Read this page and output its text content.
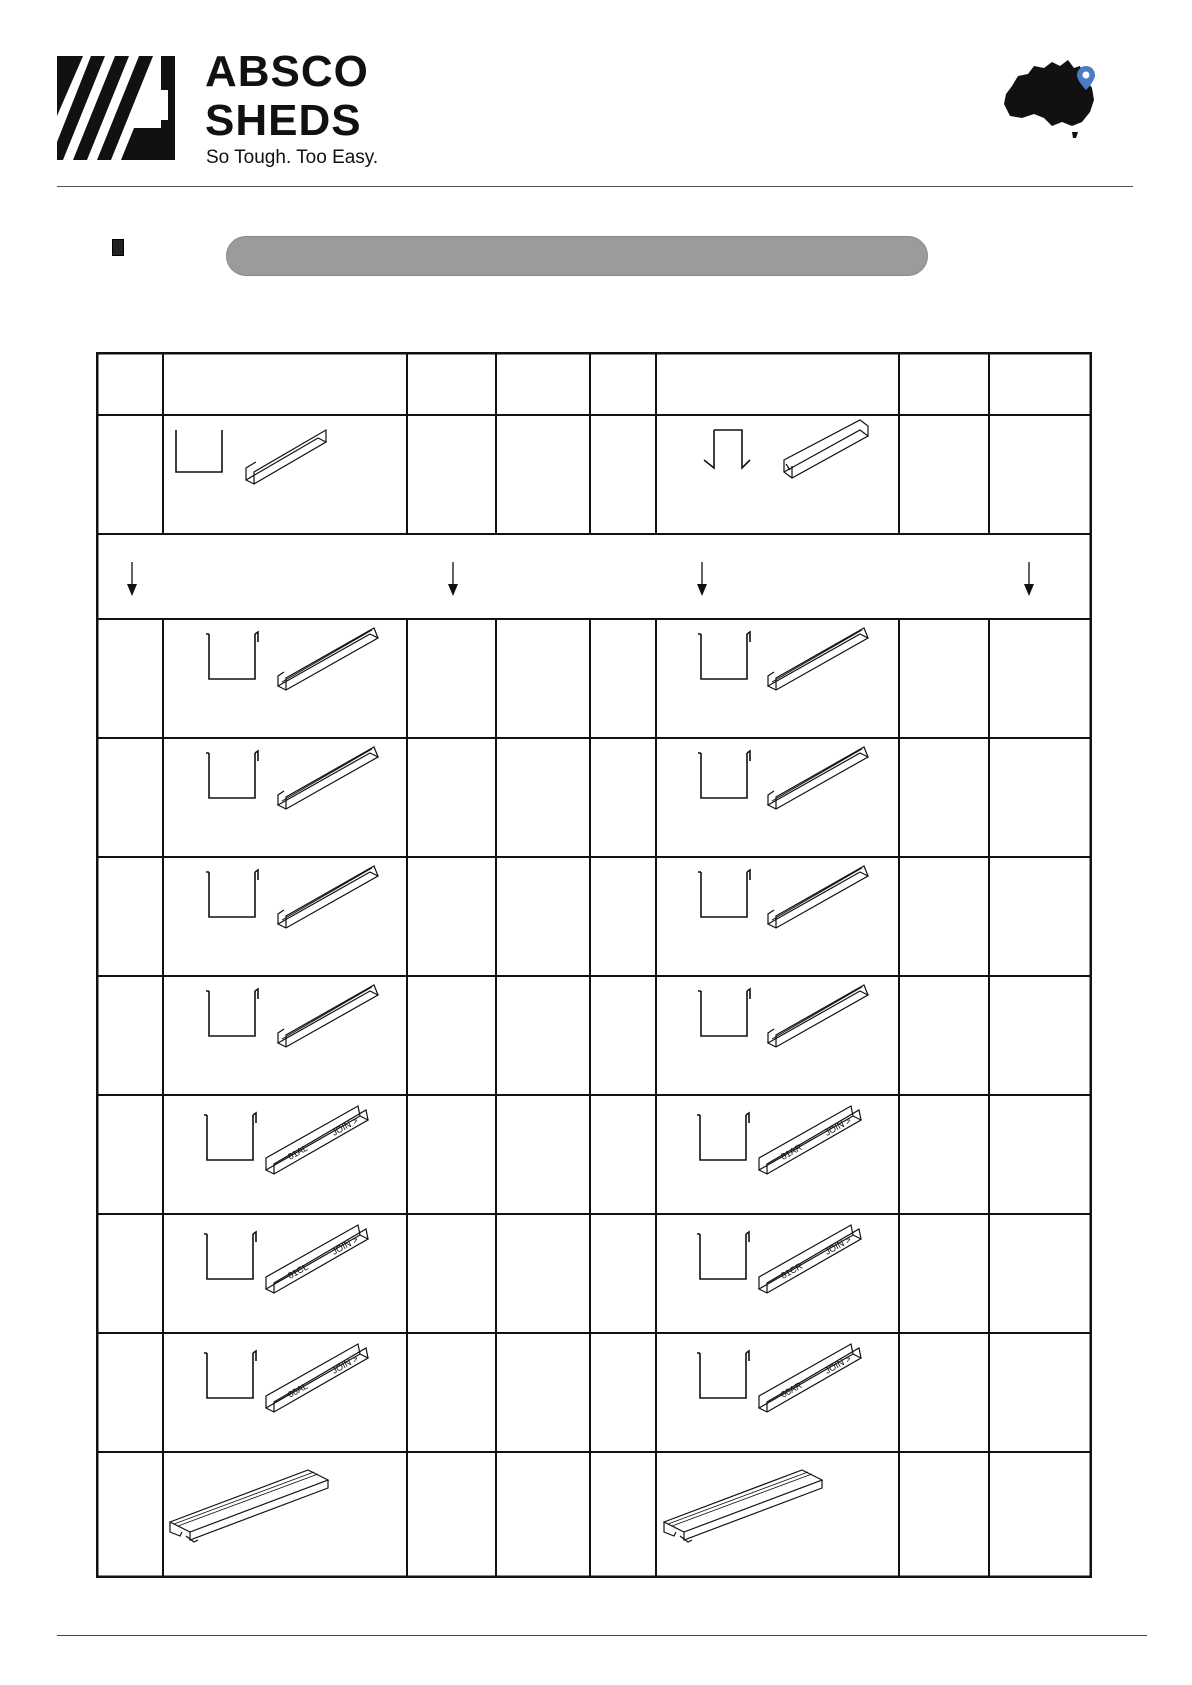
ABSCO
SHEDS
So Tough. Too Easy.
81AL
JOIN >
81AR
JOIN >
81CL
JOIN >
81CR
JOIN >
60AL
JOIN >
60AR
JOIN >
